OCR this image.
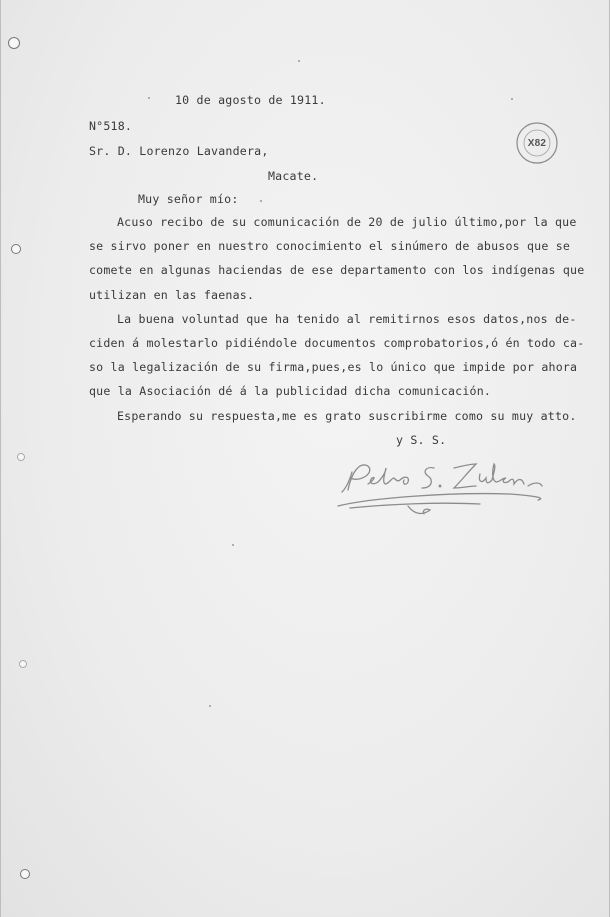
10 de agosto de 1911.
N°518.
Sr. D. Lorenzo Lavandera,
Macate.
Muy señor mío:
Acuso recibo de su comunicación de 20 de julio último,por la que
se sirvo poner en nuestro conocimiento el sinúmero de abusos que se
comete en algunas haciendas de ese departamento con los indígenas que
utilizan en las faenas.
La buena voluntad que ha tenido al remitirnos esos datos,nos de-
ciden á molestarlo pidiéndole documentos comprobatorios,ó én todo ca-
so la legalización de su firma,pues,es lo único que impide por ahora
que la Asociación dé á la publicidad dicha comunicación.
Esperando su respuesta,me es grato suscribirme como su muy atto.
y S. S.
X82
